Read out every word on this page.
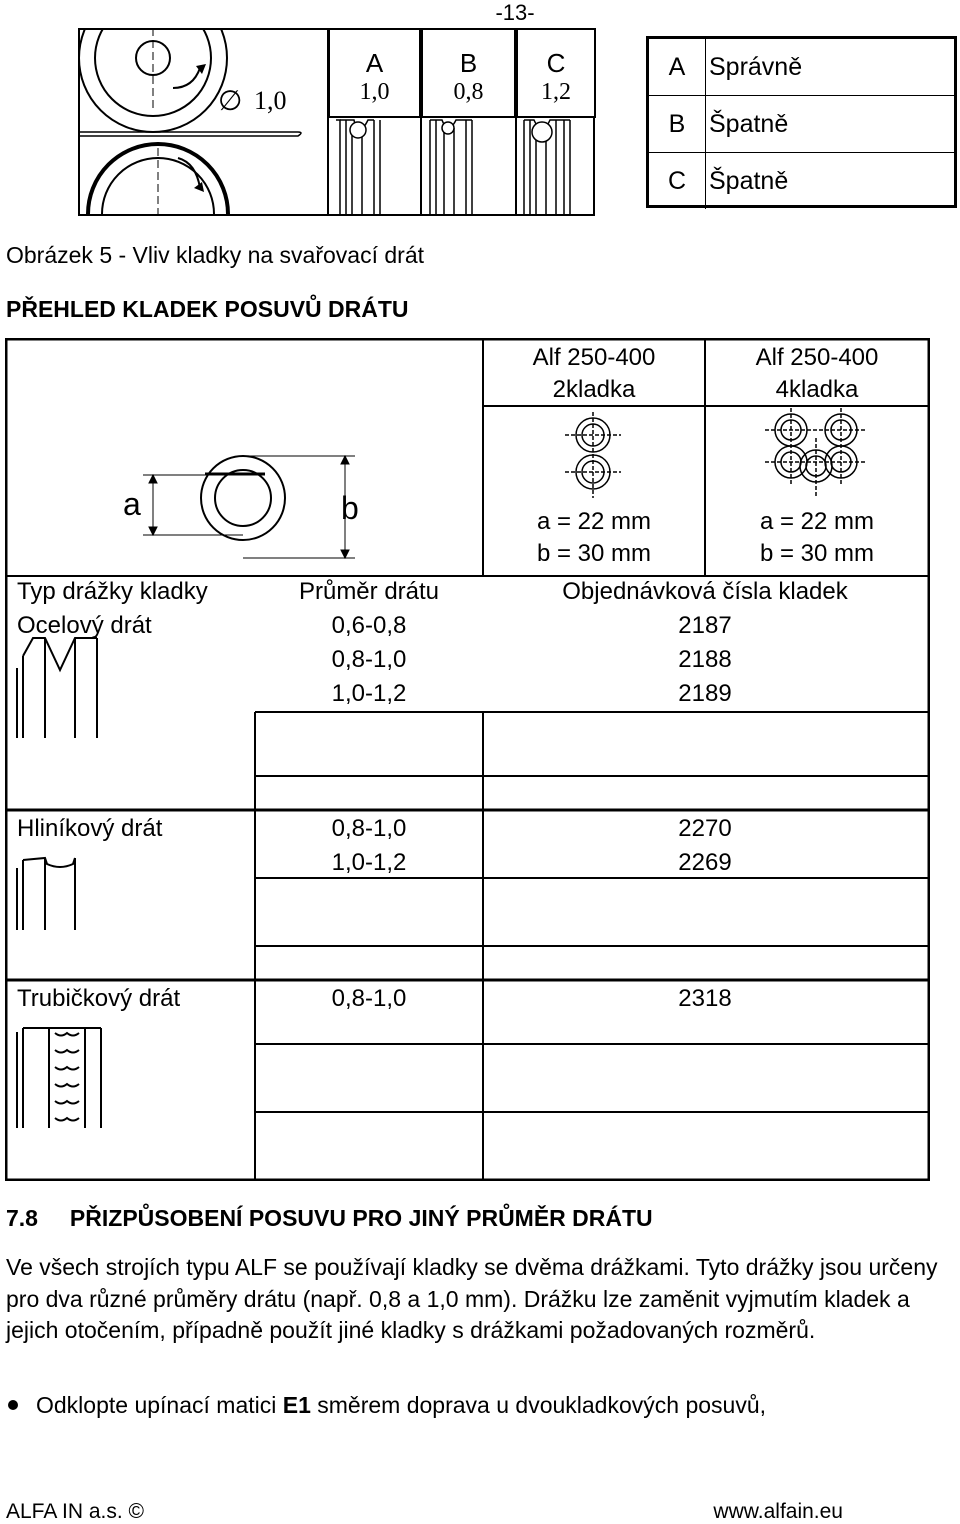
-13-
∅ 1,0
A
1,0
B
0,8
C
1,2
A Správně
B Špatně
C Špatně
Obrázek 5 - Vliv kladky na svařovací drát
PŘEHLED KLADEK POSUVŮ DRÁTU
a	b
Alf 250-400
2kladka
Alf 250-400
4kladka
a = 22 mm
b = 30 mm
a = 22 mm
b = 30 mm
Typ drážky kladky	Průměr drátu	Objednávková čísla kladek
Ocelový drát	0,6-0,8	2187
0,8-1,0	2188
1,0-1,2	2189
Hliníkový drát	0,8-1,0	2270
1,0-1,2	2269
Trubičkový drát	0,8-1,0	2318
7.8     PŘIZPŮSOBENÍ POSUVU PRO JINÝ PRŮMĚR DRÁTU
Ve všech strojích typu ALF se používají kladky se dvěma drážkami. Tyto drážky jsou určeny pro dva různé průměry drátu (např. 0,8 a 1,0 mm). Drážku lze zaměnit vyjmutím kladek a jejich otočením, případně použít jiné kladky s drážkami požadovaných rozměrů.
Odklopte upínací matici E1 směrem doprava u dvoukladkových posuvů,
ALFA IN a.s. ©	www.alfain.eu
